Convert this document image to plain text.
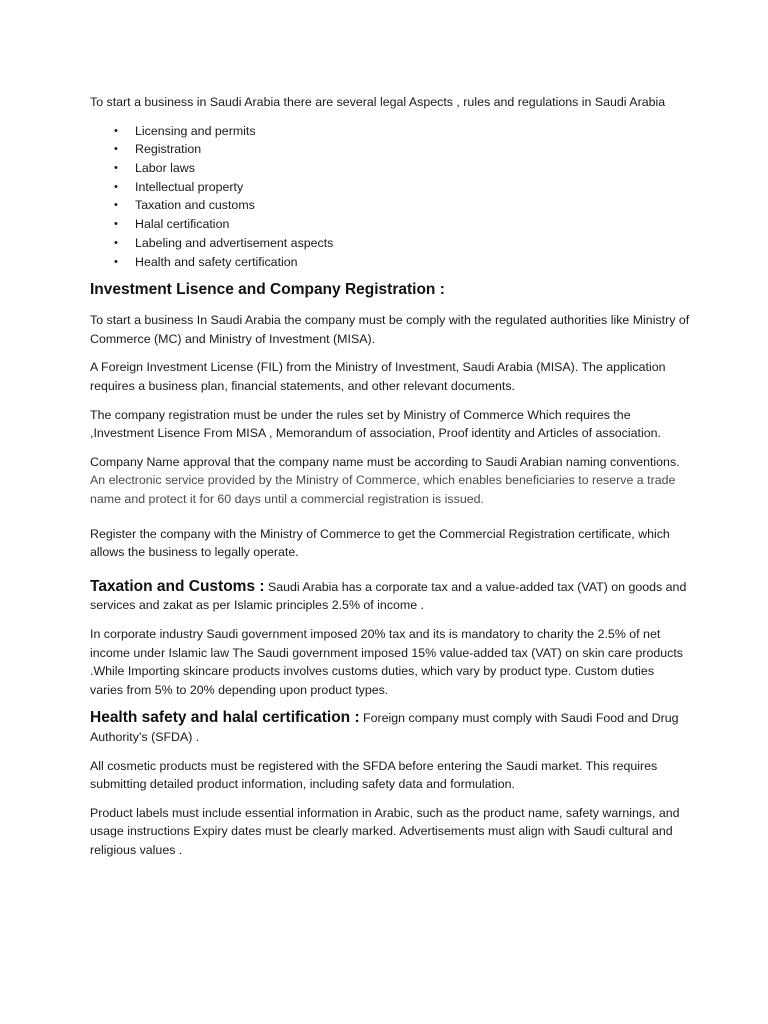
To start a business in Saudi Arabia there are several legal Aspects , rules and regulations in Saudi Arabia

• Licensing and permits
• Registration
• Labor laws
• Intellectual property
• Taxation and customs
• Halal certification
• Labeling and advertisement aspects
• Health and safety certification
Investment Lisence and Company Registration :

To start a business In Saudi Arabia the company must be comply with the regulated authorities like Ministry of Commerce (MC) and Ministry of Investment (MISA).

A Foreign Investment License (FIL) from the Ministry of Investment, Saudi Arabia (MISA). The application requires a business plan, financial statements, and other relevant documents.

The company registration must be under the rules set by Ministry of Commerce Which requires the ,Investment Lisence From MISA , Memorandum of association, Proof identity and Articles of association.

Company Name approval that the company name must be according to Saudi Arabian naming conventions. An electronic service provided by the Ministry of Commerce, which enables beneficiaries to reserve a trade name and protect it for 60 days until a commercial registration is issued.

Register the company with the Ministry of Commerce to get the Commercial Registration certificate, which allows the business to legally operate.

Taxation and Customs : Saudi Arabia has a corporate tax and a value-added tax (VAT) on goods and services and zakat as per Islamic principles 2.5% of income .

In corporate industry Saudi government imposed 20% tax and its is mandatory to charity the 2.5% of net income under Islamic law The Saudi government imposed 15% value-added tax (VAT) on skin care products .While Importing skincare products involves customs duties, which vary by product type. Custom duties varies from 5% to 20% depending upon product types.

Health safety and halal certification : Foreign company must comply with Saudi Food and Drug Authority’s (SFDA) .

All cosmetic products must be registered with the SFDA before entering the Saudi market. This requires submitting detailed product information, including safety data and formulation.

Product labels must include essential information in Arabic, such as the product name, safety warnings, and usage instructions Expiry dates must be clearly marked. Advertisements must align with Saudi cultural and religious values .
